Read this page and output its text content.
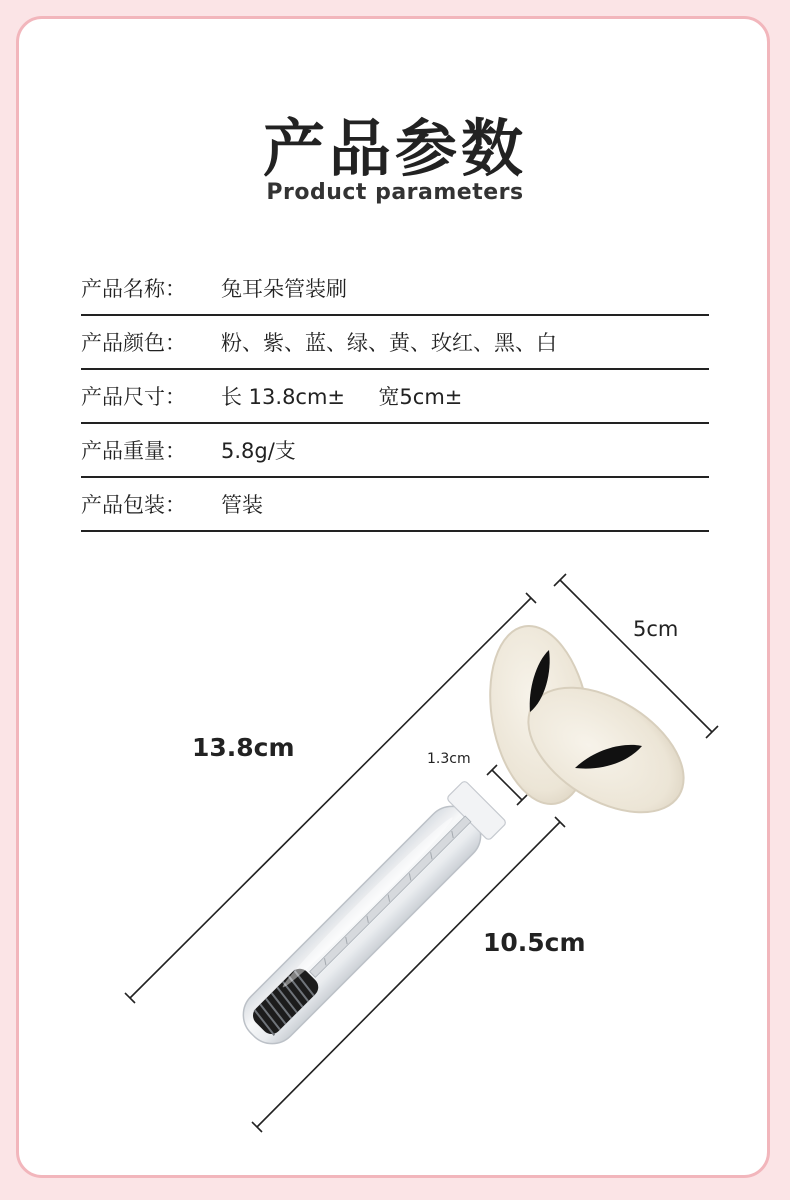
产品参数
Product parameters
产品名称：	兔耳朵管装刷
产品颜色：	粉、紫、蓝、绿、黄、玫红、黑、白
产品尺寸：	长 13.8cm±     宽5cm±
产品重量：	5.8g/支
产品包装：	管装
13.8cm
5cm
1.3cm
10.5cm
